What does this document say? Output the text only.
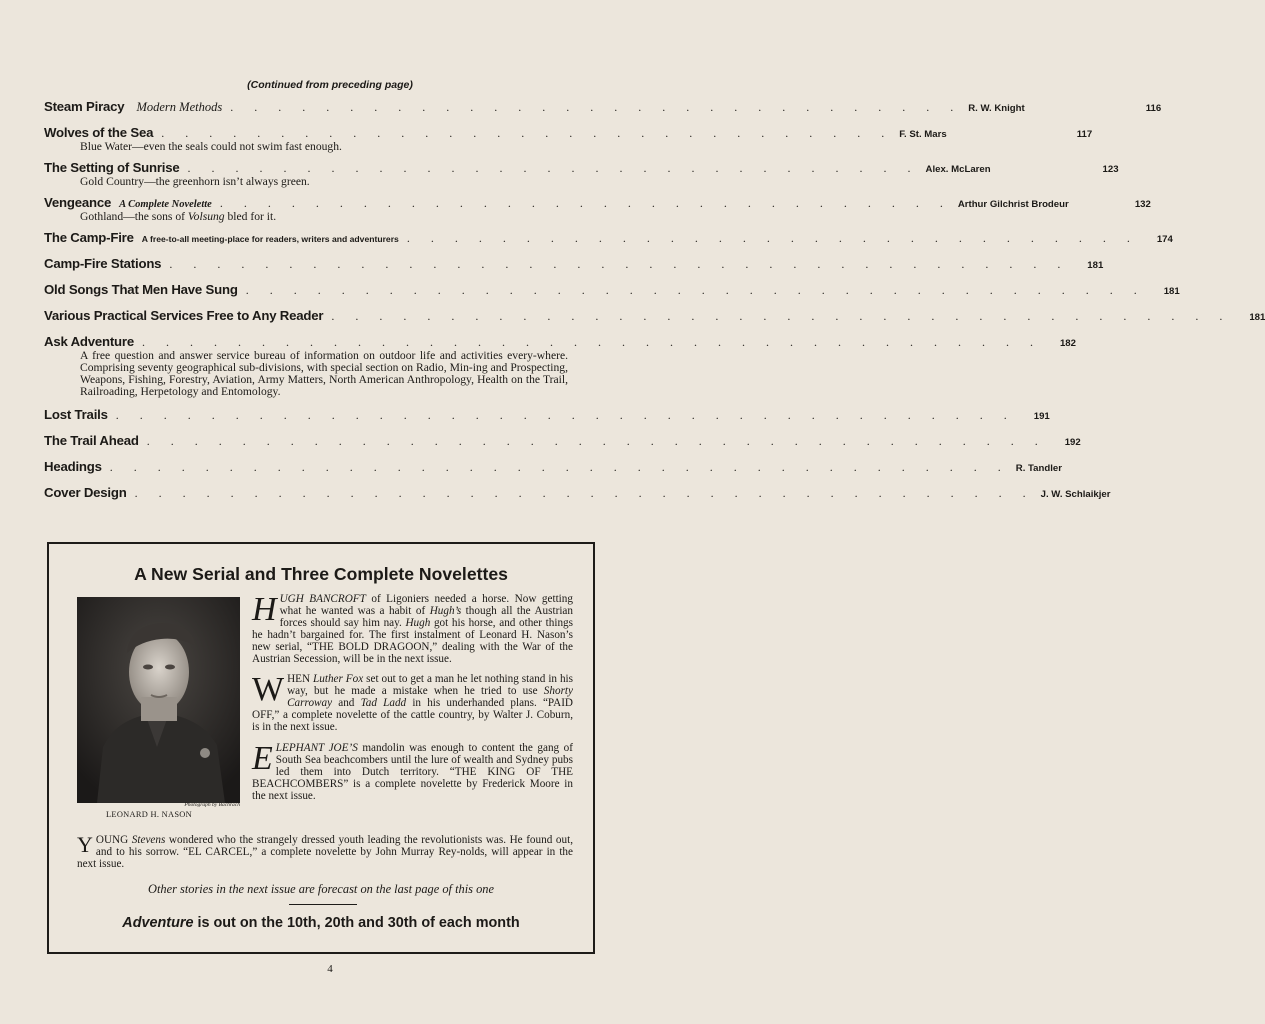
(Continued from preceding page)
Steam Piracy Modern Methods . . . . . . . . . . . . . . . . . . . . . . . . . . . . . . . R. W. Knight	116
Wolves of the Sea . . . . . . . . . . . . . . . . . . . . . . . . . . . . . . . F. St. Mars	117
Blue Water—even the seals could not swim fast enough.
The Setting of Sunrise . . . . . . . . . . . . . . . . . . . . . . . . . . . . . . . Alex. McLaren	123
Gold Country—the greenhorn isn’t always green.
Vengeance A Complete Novelette . . . . . . . . . . . . . . . . . . . . . . . . . . . . . . . Arthur Gilchrist Brodeur	132
Gothland—the sons of Volsung bled for it.
The Camp-Fire A free-to-all meeting-place for readers, writers and adventurers . . . . . . . . . . . . . . . . . . . . . . . . . . . . . . .	174
Camp-Fire Stations . . . . . . . . . . . . . . . . . . . . . . . . . . . . . . . . . . . . . .	181
Old Songs That Men Have Sung . . . . . . . . . . . . . . . . . . . . . . . . . . . . . . . . . . . . . .	181
Various Practical Services Free to Any Reader . . . . . . . . . . . . . . . . . . . . . . . . . . . . . . . . . . . . . .	181
Ask Adventure . . . . . . . . . . . . . . . . . . . . . . . . . . . . . . . . . . . . . .	182
A free question and answer service bureau of information on outdoor life and activities every-where. Comprising seventy geographical sub-divisions, with special section on Radio, Min-ing and Prospecting, Weapons, Fishing, Forestry, Aviation, Army Matters, North American Anthropology, Health on the Trail, Railroading, Herpetology and Entomology.
Lost Trails . . . . . . . . . . . . . . . . . . . . . . . . . . . . . . . . . . . . . .	191
The Trail Ahead . . . . . . . . . . . . . . . . . . . . . . . . . . . . . . . . . . . . . .	192
Headings . . . . . . . . . . . . . . . . . . . . . . . . . . . . . . . . . . . . . . R. Tandler
Cover Design . . . . . . . . . . . . . . . . . . . . . . . . . . . . . . . . . . . . . . J. W. Schlaikjer
A New Serial and Three Complete Novelettes
Photograph by Bachrach
LEONARD H. NASON

HUGH BANCROFT of Ligoniers needed a horse. Now getting what he wanted was a habit of Hugh’s though all the Austrian forces should say him nay. Hugh got his horse, and other things he hadn’t bargained for. The first instalment of Leonard H. Nason’s new serial, “THE BOLD DRAGOON,” dealing with the War of the Austrian Secession, will be in the next issue.

WHEN Luther Fox set out to get a man he let nothing stand in his way, but he made a mistake when he tried to use Shorty Carroway and Tad Ladd in his underhanded plans. “PAID OFF,” a complete novelette of the cattle country, by Walter J. Coburn, is in the next issue.

ELEPHANT JOE’S mandolin was enough to content the gang of South Sea beachcombers until the lure of wealth and Sydney pubs led them into Dutch territory. “THE KING OF THE BEACHCOMBERS” is a complete novelette by Frederick Moore in the next issue.

YOUNG Stevens wondered who the strangely dressed youth leading the revolutionists was. He found out, and to his sorrow. “EL CARCEL,” a complete novelette by John Murray Rey-nolds, will appear in the next issue.
Other stories in the next issue are forecast on the last page of this one
Adventure is out on the 10th, 20th and 30th of each month
4
